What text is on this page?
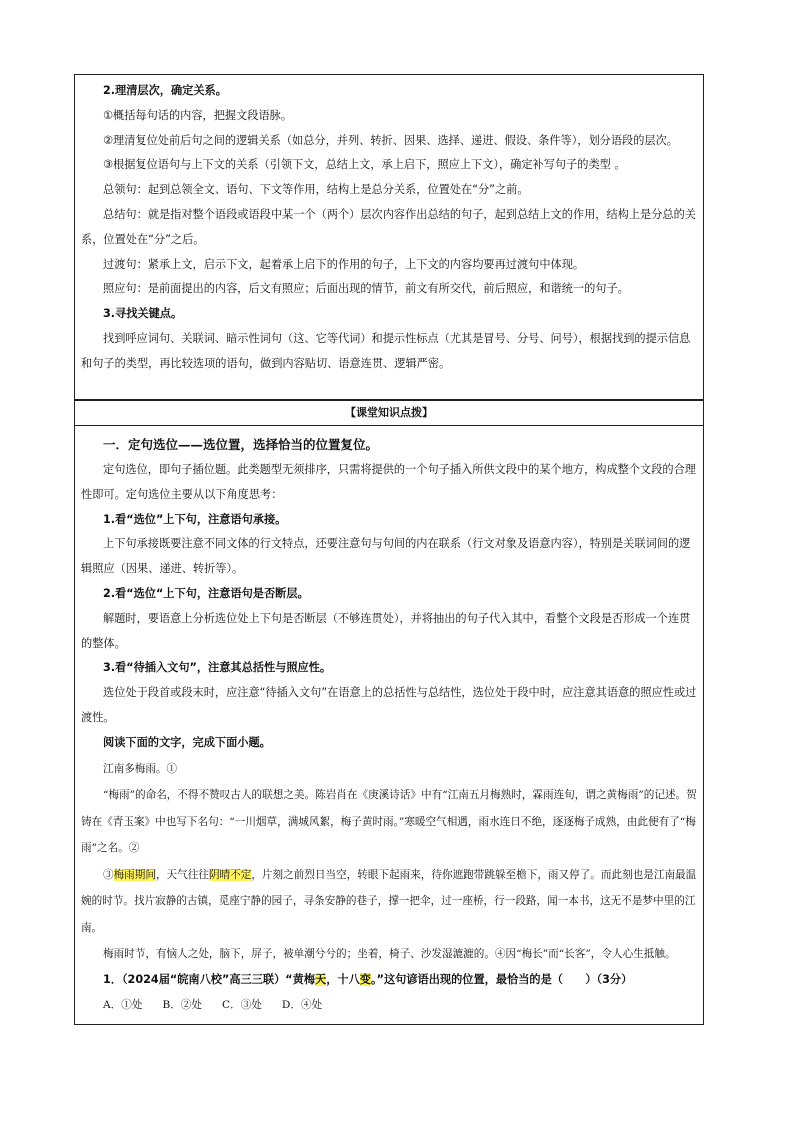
2.理清层次，确定关系。

①概括每句话的内容，把握文段语脉。

②理清复位处前后句之间的逻辑关系（如总分，并列、转折、因果、选择、递进、假设、条件等），划分语段的层次。

③根据复位语句与上下文的关系（引领下文，总结上文，承上启下，照应上下文），确定补写句子的类型 。

总领句：起到总领全文、语句、下文等作用，结构上是总分关系，位置处在“分”之前。

总结句：就是指对整个语段或语段中某一个（两个）层次内容作出总结的句子，起到总结上文的作用，结构上是分总的关系，位置处在“分”之后。

过渡句：紧承上文，启示下文，起着承上启下的作用的句子，上下文的内容均要再过渡句中体现。

照应句：是前面提出的内容，后文有照应；后面出现的情节，前文有所交代，前后照应，和谐统一的句子。

3.寻找关键点。

找到呼应词句、关联词、暗示性词句（这、它等代词）和提示性标点（尤其是冒号、分号、问号），根据找到的提示信息和句子的类型，再比较选项的语句，做到内容贴切、语意连贯、逻辑严密。

【课堂知识点拨】

一．定句选位——选位置，选择恰当的位置复位。

定句选位，即句子插位题。此类题型无须排序，只需将提供的一个句子插入所供文段中的某个地方，构成整个文段的合理性即可。定句选位主要从以下角度思考：

1.看“选位”上下句，注意语句承接。

上下句承接既要注意不同文体的行文特点，还要注意句与句间的内在联系（行文对象及语意内容），特别是关联词间的逻辑照应（因果、递进、转折等）。

2.看“选位“上下句，注意语句是否断层。

解题时，要语意上分析选位处上下句是否断层（不够连贯处），并将抽出的句子代入其中，看整个文段是否形成一个连贯的整体。

3.看“待插入文句”，注意其总括性与照应性。

选位处于段首或段末时，应注意“待插入文句”在语意上的总括性与总结性，选位处于段中时，应注意其语意的照应性或过渡性。

阅读下面的文字，完成下面小题。

江南多梅雨。①

“梅雨”的命名，不得不赞叹古人的联想之美。陈岩肖在《庚溪诗话》中有“江南五月梅熟时，霖雨连旬，谓之黄梅雨”的记述。贺铸在《青玉案》中也写下名句：“一川烟草，满城风絮，梅子黄时雨。”寒暖空气相遇，雨水连日不绝，逐逐梅子成熟，由此便有了“梅雨”之名。②

③梅雨期间，天气往往阴晴不定，片刻之前烈日当空，转眼下起雨来，待你遮跑带跳躲至檐下，雨又停了。而此刻也是江南最温婉的时节。找片寂静的古镇，觅座宁静的园子，寻条安静的巷子，撑一把伞，过一座桥，行一段路，闻一本书，这无不是梦中里的江南。

梅雨时节，有恼人之处，脑下，屏子，被单潮兮兮的；坐着，椅子、沙发湿漉漉的。④因“梅长”而“长客”，令人心生抵触。

1．（2024届“皖南八校”高三三联）“黄梅天，十八变。”这句谚语出现的位置，最恰当的是（　　）（3分）

A．①处 B．②处 C．③处 D．④处
